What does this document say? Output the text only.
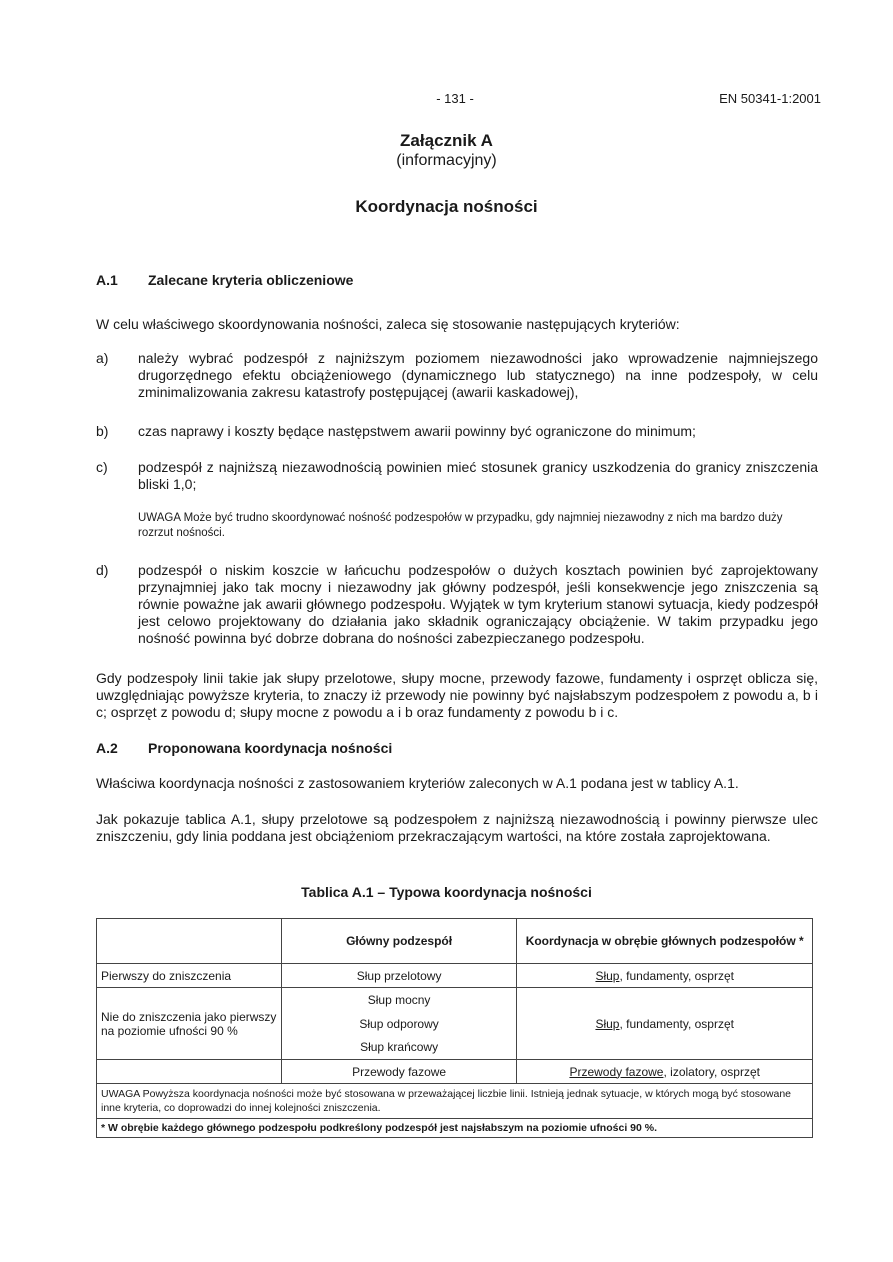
- 131 -	EN 50341-1:2001
Załącznik A
(informacyjny)
Koordynacja nośności
A.1 Zalecane kryteria obliczeniowe
W celu właściwego skoordynowania nośności, zaleca się stosowanie następujących kryteriów:
a) należy wybrać podzespół z najniższym poziomem niezawodności jako wprowadzenie najmniejszego drugorzędnego efektu obciążeniowego (dynamicznego lub statycznego) na inne podzespoły, w celu zminimalizowania zakresu katastrofy postępującej (awarii kaskadowej),
b) czas naprawy i koszty będące następstwem awarii powinny być ograniczone do minimum;
c) podzespół z najniższą niezawodnością powinien mieć stosunek granicy uszkodzenia do granicy zniszczenia bliski 1,0;
UWAGA Może być trudno skoordynować nośność podzespołów w przypadku, gdy najmniej niezawodny z nich ma bardzo duży rozrzut nośności.
d) podzespół o niskim koszcie w łańcuchu podzespołów o dużych kosztach powinien być zaprojektowany przynajmniej jako tak mocny i niezawodny jak główny podzespół, jeśli konsekwencje jego zniszczenia są równie poważne jak awarii głównego podzespołu. Wyjątek w tym kryterium stanowi sytuacja, kiedy podzespół jest celowo projektowany do działania jako składnik ograniczający obciążenie. W takim przypadku jego nośność powinna być dobrze dobrana do nośności zabezpieczanego podzespołu.
Gdy podzespoły linii takie jak słupy przelotowe, słupy mocne, przewody fazowe, fundamenty i osprzęt oblicza się, uwzględniając powyższe kryteria, to znaczy iż przewody nie powinny być najsłabszym podzespołem z powodu a, b i c; osprzęt z powodu d; słupy mocne z powodu a i b oraz fundamenty z powodu b i c.
A.2 Proponowana koordynacja nośności
Właściwa koordynacja nośności z zastosowaniem kryteriów zaleconych w A.1 podana jest w tablicy A.1.
Jak pokazuje tablica A.1, słupy przelotowe są podzespołem z najniższą niezawodnością i powinny pierwsze ulec zniszczeniu, gdy linia poddana jest obciążeniom przekraczającym wartości, na które została zaprojektowana.
Tablica A.1 – Typowa koordynacja nośności
	Główny podzespół	Koordynacja w obrębie głównych podzespołów *
Pierwszy do zniszczenia	Słup przelotowy	Słup, fundamenty, osprzęt
Nie do zniszczenia jako pierwszy na poziomie ufności 90 %	Słup mocny	Słup, fundamenty, osprzęt
	Słup odporowy	
	Słup krańcowy	
	Przewody fazowe	Przewody fazowe, izolatory, osprzęt
UWAGA Powyższa koordynacja nośności może być stosowana w przeważającej liczbie linii. Istnieją jednak sytuacje, w których mogą być stosowane inne kryteria, co doprowadzi do innej kolejności zniszczenia.		
* W obrębie każdego głównego podzespołu podkreślony podzespół jest najsłabszym na poziomie ufności 90 %.		
